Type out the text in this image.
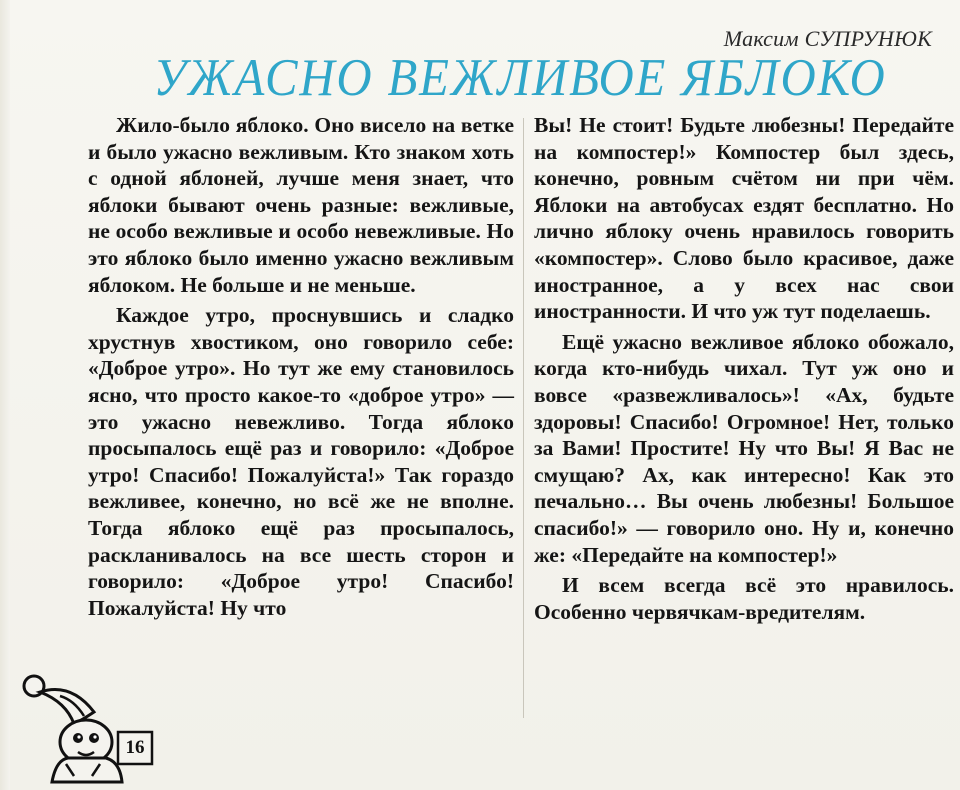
Максим СУПРУНЮК
УЖАСНО ВЕЖЛИВОЕ ЯБЛОКО

Жило-было яблоко. Оно висело на ветке и было ужасно вежливым. Кто знаком хоть с одной яблоней, лучше меня знает, что яблоки бывают очень разные: вежливые, не особо вежливые и особо невежливые. Но это яблоко было именно ужасно вежливым яблоком. Не больше и не меньше.

Каждое утро, проснувшись и сладко хрустнув хвостиком, оно говорило себе: «Доброе утро». Но тут же ему становилось ясно, что просто какое-то «доброе утро» — это ужасно невежливо. Тогда яблоко просыпалось ещё раз и говорило: «Доброе утро! Спасибо! Пожалуйста!» Так гораздо вежливее, конечно, но всё же не вполне. Тогда яблоко ещё раз просыпалось, раскланивалось на все шесть сторон и говорило: «Доброе утро! Спасибо! Пожалуйста! Ну что

Вы! Не стоит! Будьте любезны! Передайте на компостер!» Компостер был здесь, конечно, ровным счётом ни при чём. Яблоки на автобусах ездят бесплатно. Но лично яблоку очень нравилось говорить «компостер». Слово было красивое, даже иностранное, а у всех нас свои иностранности. И что уж тут поделаешь.

Ещё ужасно вежливое яблоко обожало, когда кто-нибудь чихал. Тут уж оно и вовсе «развежливалось»! «Ах, будьте здоровы! Спасибо! Огромное! Нет, только за Вами! Простите! Ну что Вы! Я Вас не смущаю? Ах, как интересно! Как это печально… Вы очень любезны! Большое спасибо!» — говорило оно. Ну и, конечно же: «Передайте на компостер!»

И всем всегда всё это нравилось. Особенно червячкам-вредителям.

16
